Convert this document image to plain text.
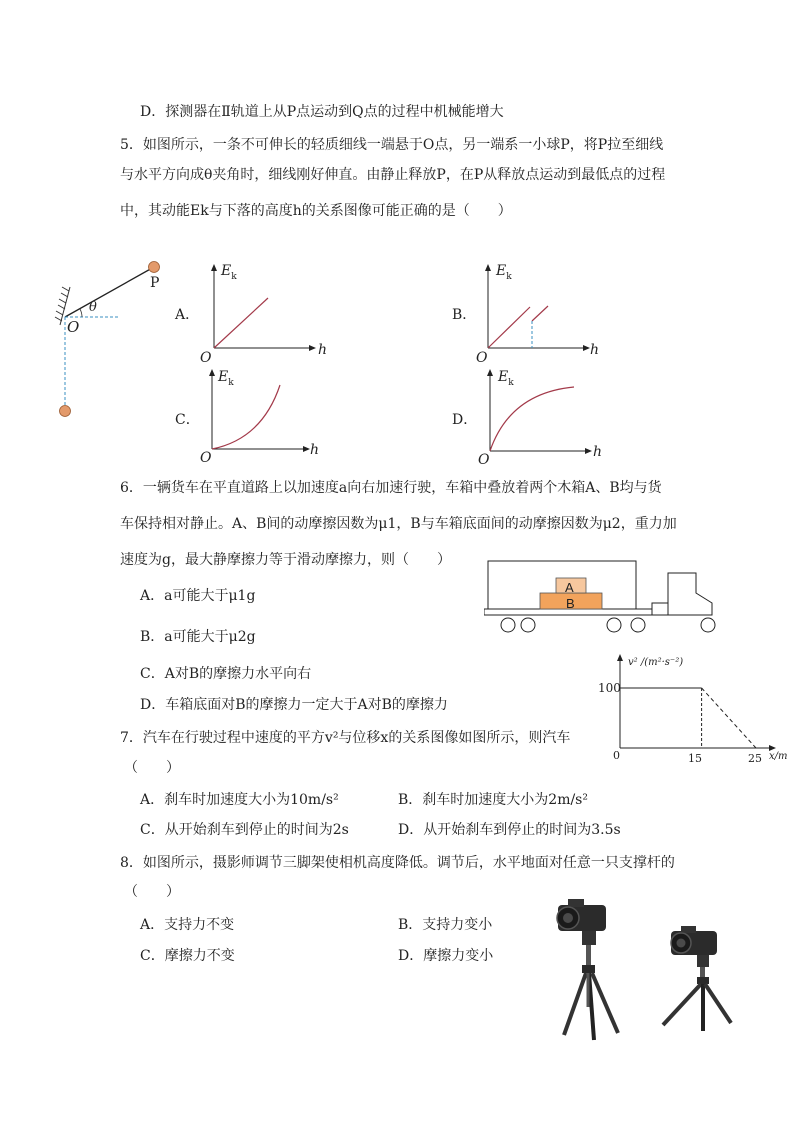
D．探测器在Ⅱ轨道上从P点运动到Q点的过程中机械能增大
5．如图所示，一条不可伸长的轻质细线一端悬于O点，另一端系一小球P，将P拉至细线
与水平方向成θ夹角时，细线刚好伸直。由静止释放P，在P从释放点运动到最低点的过程
中，其动能Ek与下落的高度h的关系图像可能正确的是（　　）
O
P
θ	A．
$E_k$
h
O
B．
$E_k$
h
O
C．
$E_k$
h
O
D．
$E_k$
h
O
6．一辆货车在平直道路上以加速度a向右加速行驶，车箱中叠放着两个木箱A、B均与货
车保持相对静止。A、B间的动摩擦因数为μ1，B与车箱底面间的动摩擦因数为μ2，重力加
速度为g，最大静摩擦力等于滑动摩擦力，则（　　）
A．a可能大于μ1g
B．a可能大于μ2g
C．A对B的摩擦力水平向右
D．车箱底面对B的摩擦力一定大于A对B的摩擦力
A
B
7．汽车在行驶过程中速度的平方v²与位移x的关系图像如图所示，则汽车
（　　）
A．刹车时加速度大小为10m/s²	B．刹车时加速度大小为2m/s²
C．从开始刹车到停止的时间为2s	D．从开始刹车到停止的时间为3.5s
v² /(m²·s⁻²)
100
0	15	25 x/m
8．如图所示，摄影师调节三脚架使相机高度降低。调节后，水平地面对任意一只支撑杆的
（　　）
A．支持力不变	B．支持力变小
C．摩擦力不变	D．摩擦力变小
